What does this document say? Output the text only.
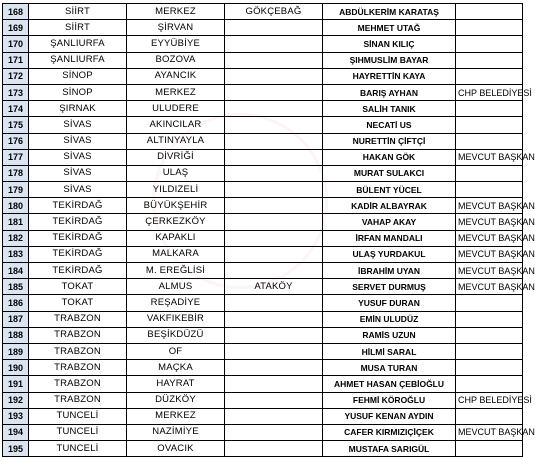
168	SİİRT	MERKEZ	GÖKÇEBAĞ	ABDÜLKERİM KARATAŞ	
169	SİİRT	ŞİRVAN		MEHMET UTAĞ	
170	ŞANLIURFA	EYYÜBİYE		SİNAN KILIÇ	
171	ŞANLIURFA	BOZOVA		ŞIHMUSLİM BAYAR	
172	SİNOP	AYANCIK		HAYRETTİN KAYA	
173	SİNOP	MERKEZ		BARIŞ AYHAN	CHP BELEDİYESİ
174	ŞIRNAK	ULUDERE		SALİH TANIK	
175	SİVAS	AKINCILAR		NECATİ US	
176	SİVAS	ALTINYAYLA		NURETTİN ÇİFTÇİ	
177	SİVAS	DİVRİĞİ		HAKAN GÖK	MEVCUT BAŞKAN
178	SİVAS	ULAŞ		MURAT SULAKCI	
179	SİVAS	YILDIZELİ		BÜLENT YÜCEL	
180	TEKİRDAĞ	BÜYÜKŞEHİR		KADİR ALBAYRAK	MEVCUT BAŞKAN
181	TEKİRDAĞ	ÇERKEZKÖY		VAHAP AKAY	MEVCUT BAŞKAN
182	TEKİRDAĞ	KAPAKLI		İRFAN MANDALI	MEVCUT BAŞKAN
183	TEKİRDAĞ	MALKARA		ULAŞ YURDAKUL	MEVCUT BAŞKAN
184	TEKİRDAĞ	M. EREĞLİSİ		İBRAHİM UYAN	MEVCUT BAŞKAN
185	TOKAT	ALMUS	ATAKÖY	SERVET DURMUŞ	MEVCUT BAŞKAN
186	TOKAT	REŞADİYE		YUSUF DURAN	
187	TRABZON	VAKFIKEBİR		EMİN ULUDÜZ	
188	TRABZON	BEŞİKDÜZÜ		RAMİS UZUN	
189	TRABZON	OF		HİLMİ SARAL	
190	TRABZON	MAÇKA		MUSA TURAN	
191	TRABZON	HAYRAT		AHMET HASAN ÇEBİOĞLU	
192	TRABZON	DÜZKÖY		FEHMİ KÖROĞLU	CHP BELEDİYESİ
193	TUNCELİ	MERKEZ		YUSUF KENAN AYDIN	
194	TUNCELİ	NAZİMİYE		CAFER KIRMIZIÇİÇEK	MEVCUT BAŞKAN
195	TUNCELİ	OVACIK		MUSTAFA SARIGÜL	
